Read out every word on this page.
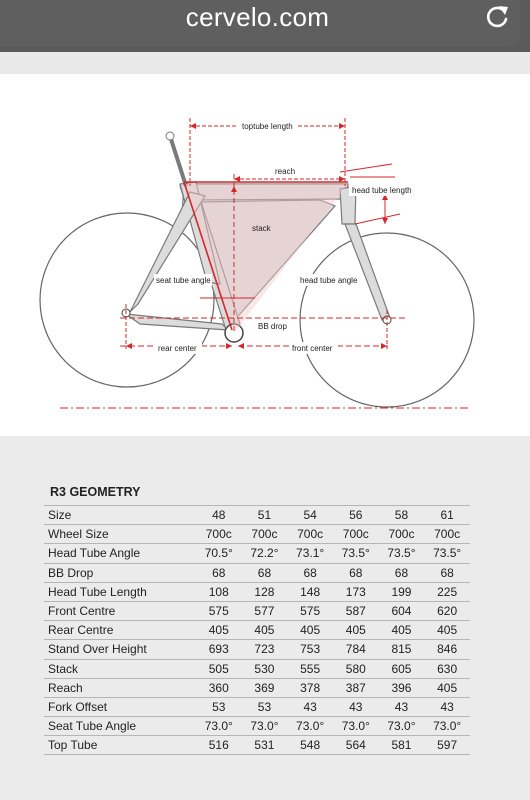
cervelo.com
toptube length
reach
head tube length
stack
seat tube angle	head tube angle
BB drop
rear center	front center
R3 GEOMETRY
Size	48	51	54	56	58	61
Wheel Size	700c	700c	700c	700c	700c	700c
Head Tube Angle	70.5°	72.2°	73.1°	73.5°	73.5°	73.5°
BB Drop	68	68	68	68	68	68
Head Tube Length	108	128	148	173	199	225
Front Centre	575	577	575	587	604	620
Rear Centre	405	405	405	405	405	405
Stand Over Height	693	723	753	784	815	846
Stack	505	530	555	580	605	630
Reach	360	369	378	387	396	405
Fork Offset	53	53	43	43	43	43
Seat Tube Angle	73.0°	73.0°	73.0°	73.0°	73.0°	73.0°
Top Tube	516	531	548	564	581	597
